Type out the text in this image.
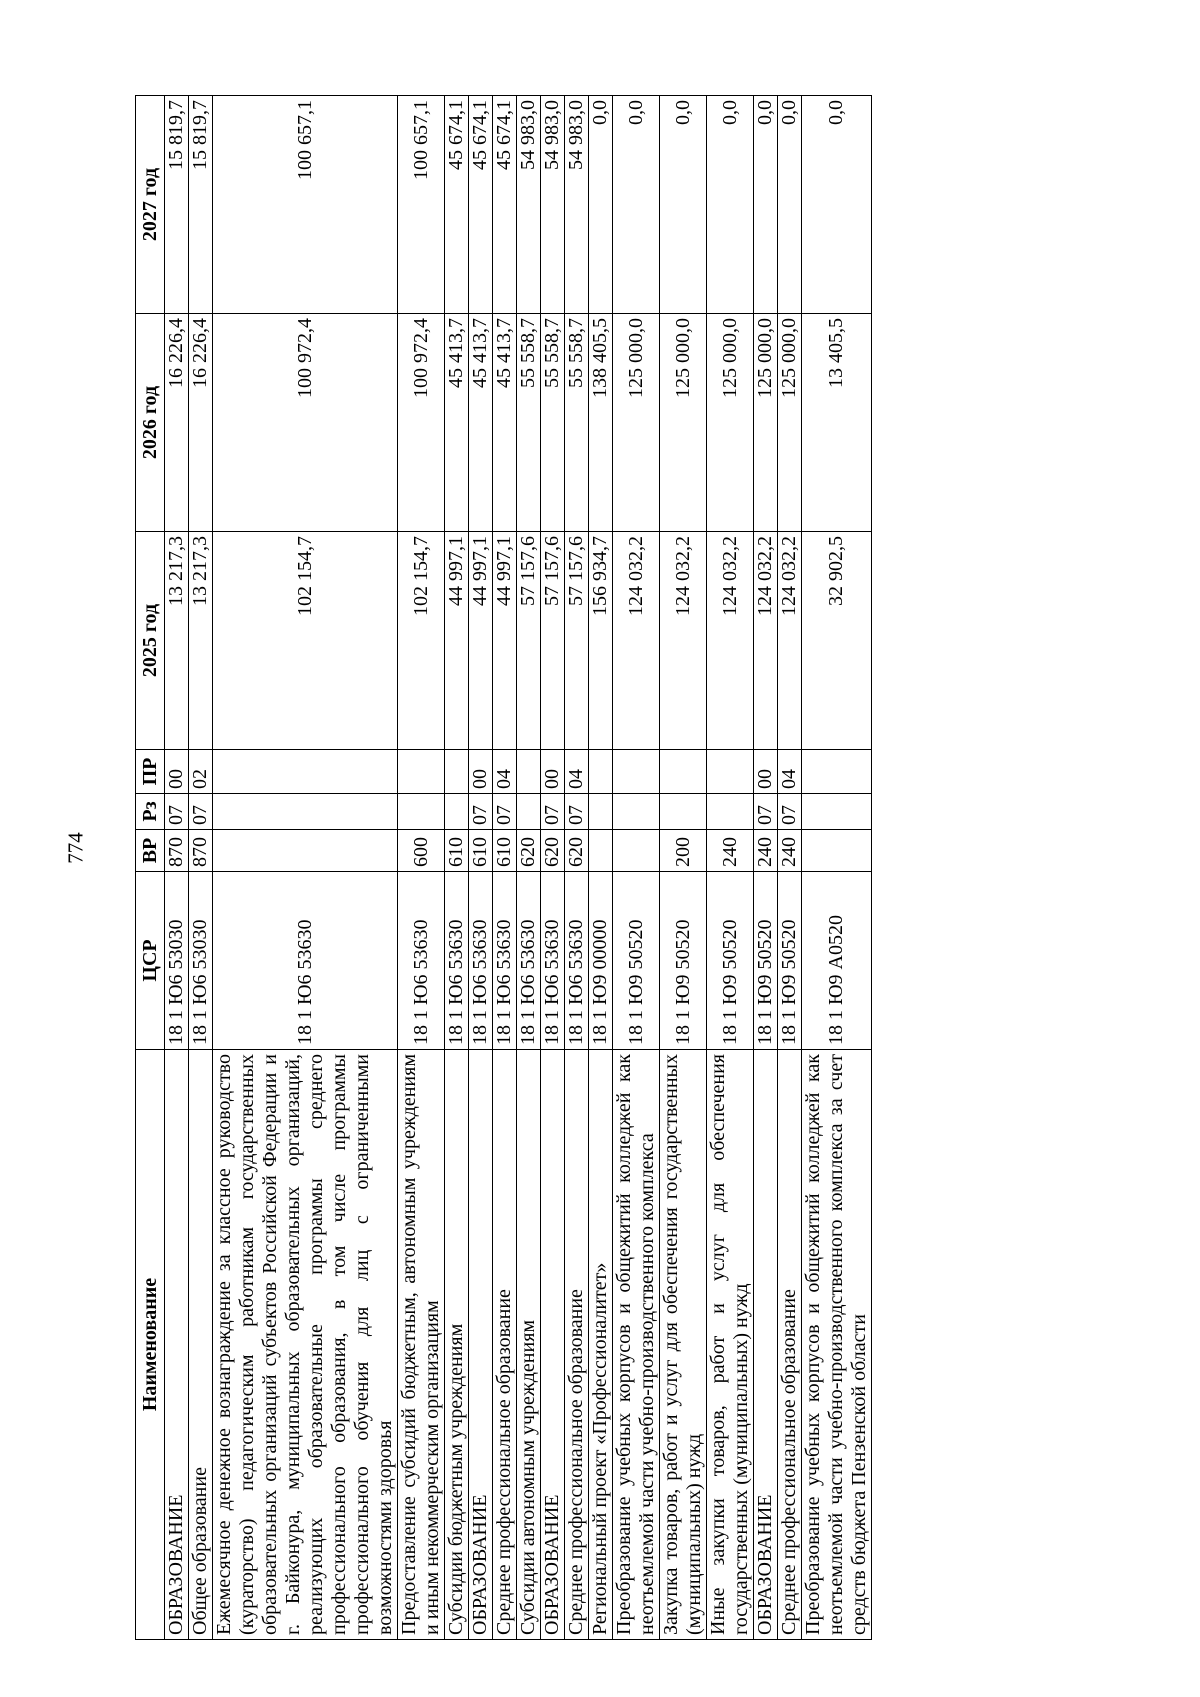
774
Наименование	ЦСР	ВР	Рз	ПР	2025 год	2026 год	2027 год
ОБРАЗОВАНИЕ	18 1 Ю6 53030	870	07	00	13 217,3	16 226,4	15 819,7
Общее образование	18 1 Ю6 53030	870	07	02	13 217,3	16 226,4	15 819,7
Ежемесячное денежное вознаграждение за классное руководство (кураторство) педагогическим работникам государственных образовательных организаций субъектов Российской Федерации и г. Байконура, муниципальных образовательных организаций, реализующих образовательные программы среднего профессионального образования, в том числе программы профессионального обучения для лиц с ограниченными возможностями здоровья	18 1 Ю6 53630				102 154,7	100 972,4	100 657,1
Предоставление субсидий бюджетным, автономным учреждениям и иным некоммерческим организациям	18 1 Ю6 53630	600			102 154,7	100 972,4	100 657,1
Субсидии бюджетным учреждениям	18 1 Ю6 53630	610			44 997,1	45 413,7	45 674,1
ОБРАЗОВАНИЕ	18 1 Ю6 53630	610	07	00	44 997,1	45 413,7	45 674,1
Среднее профессиональное образование	18 1 Ю6 53630	610	07	04	44 997,1	45 413,7	45 674,1
Субсидии автономным учреждениям	18 1 Ю6 53630	620			57 157,6	55 558,7	54 983,0
ОБРАЗОВАНИЕ	18 1 Ю6 53630	620	07	00	57 157,6	55 558,7	54 983,0
Среднее профессиональное образование	18 1 Ю6 53630	620	07	04	57 157,6	55 558,7	54 983,0
Региональный проект «Профессионалитет»	18 1 Ю9 00000				156 934,7	138 405,5	0,0
Преобразование учебных корпусов и общежитий колледжей как неотъемлемой части учебно-производственного комплекса	18 1 Ю9 50520				124 032,2	125 000,0	0,0
Закупка товаров, работ и услуг для обеспечения государственных (муниципальных) нужд	18 1 Ю9 50520	200			124 032,2	125 000,0	0,0
Иные закупки товаров, работ и услуг для обеспечения государственных (муниципальных) нужд	18 1 Ю9 50520	240			124 032,2	125 000,0	0,0
ОБРАЗОВАНИЕ	18 1 Ю9 50520	240	07	00	124 032,2	125 000,0	0,0
Среднее профессиональное образование	18 1 Ю9 50520	240	07	04	124 032,2	125 000,0	0,0
Преобразование учебных корпусов и общежитий колледжей как неотъемлемой части учебно-производственного комплекса за счет средств бюджета Пензенской области	18 1 Ю9 А0520				32 902,5	13 405,5	0,0
